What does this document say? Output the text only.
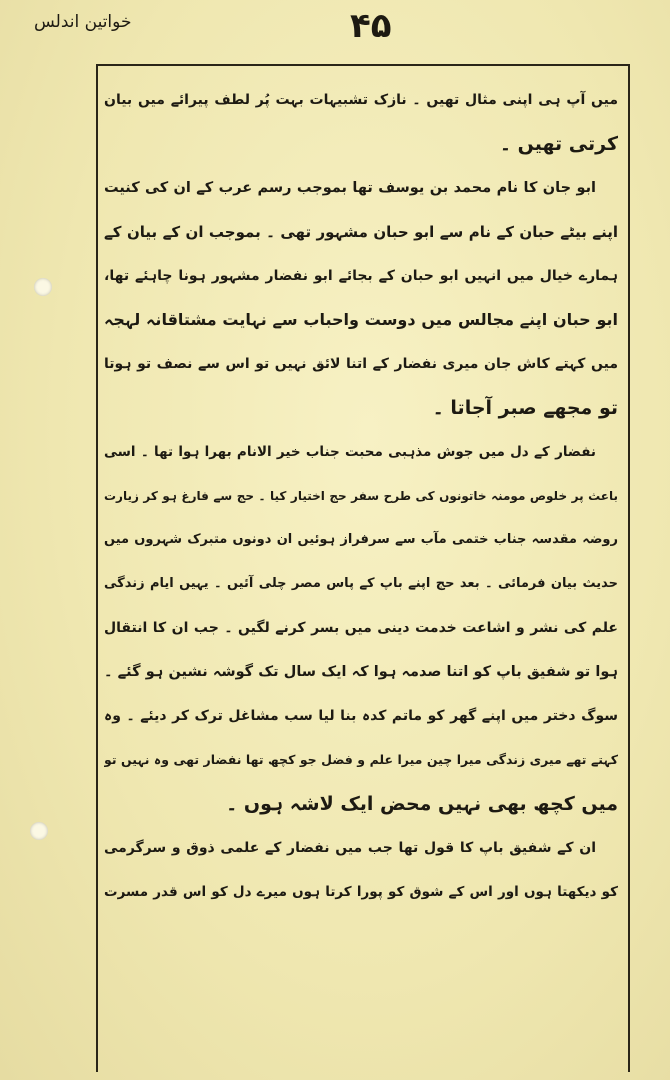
خواتین اندلس	۴۵
میں آپ ہی اپنی مثال تھیں ۔ نازک تشبیہات بہت پُر لطف پیرائے میں بیان
کرتی تھیں ۔
ابو جان کا نام محمد بن یوسف تھا بموجب رسم عرب کے ان کی کنیت
اپنے بیٹے حبان کے نام سے ابو حبان مشہور تھی ۔ بموجب ان کے بیان کے
ہمارے خیال میں انہیں ابو حبان کے بجائے ابو نفضار مشہور ہونا چاہئے تھا،
ابو حبان اپنے مجالس میں دوست واحباب سے نہایت مشتاقانہ لہجہ
میں کہتے کاش جان میری نفضار کے اتنا لائق نہیں تو اس سے نصف تو ہوتا
تو مجھے صبر آجاتا ۔
نفضار کے دل میں جوش مذہبی محبت جناب خیر الانام بھرا ہوا تھا ۔ اسی
باعث پر خلوص مومنہ خاتونوں کی طرح سفر حج اختیار کیا ۔ حج سے فارغ ہو کر زیارت
روضہ مقدسہ جناب ختمی مآب سے سرفراز ہوئیں ان دونوں متبرک شہروں میں
حدیث بیان فرمائی ۔ بعد حج اپنے باپ کے پاس مصر چلی آئیں ۔ یہیں ایام زندگی
علم کی نشر و اشاعت خدمت دینی میں بسر کرنے لگیں ۔ جب ان کا انتقال
ہوا تو شفیق باپ کو اتنا صدمہ ہوا کہ ایک سال تک گوشہ نشین ہو گئے ۔
سوگ دختر میں اپنے گھر کو ماتم کدہ بنا لیا سب مشاغل ترک کر دیئے ۔ وہ
کہتے تھے میری زندگی میرا چین میرا علم و فضل جو کچھ تھا نفضار تھی وہ نہیں تو
میں کچھ بھی نہیں محض ایک لاشہ ہوں ۔
ان کے شفیق باپ کا قول تھا جب میں نفضار کے علمی ذوق و سرگرمی
کو دیکھتا ہوں اور اس کے شوق کو پورا کرتا ہوں میرے دل کو اس قدر مسرت
